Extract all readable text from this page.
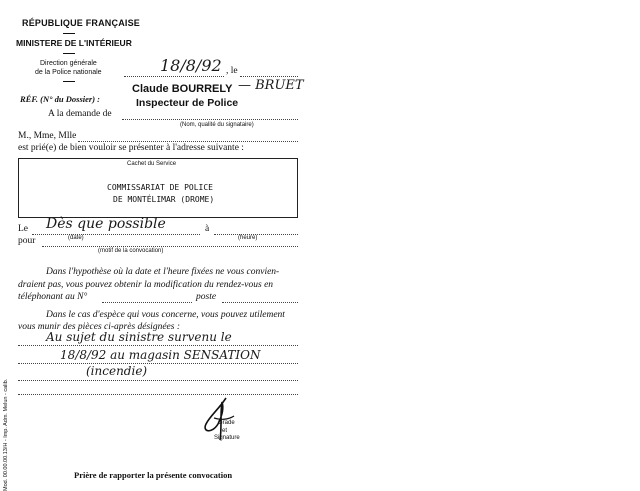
RÉPUBLIQUE FRANÇAISE
MINISTERE DE L'INTÉRIEUR
Direction générale
de la Police nationale	18/8/92 , le
RÉF. (N° du Dossier) :
Claude BOURRELY — BRUET
Inspecteur de Police
A la demande de
(Nom, qualité du signataire)
M., Mme, Mlle
est prié(e) de bien vouloir se présenter à l'adresse suivante :
Cachet du Service
COMMISSARIAT DE POLICE
DE MONTÉLIMAR (DROME)
Le Dès que possible
(date)
à
(heure)
pour
(motif de la convocation)
Dans l'hypothèse où la date et l'heure fixées ne vous convien-
draient pas, vous pouvez obtenir la modification du rendez-vous en
téléphonant au N°	poste
Dans le cas d'espèce qui vous concerne, vous pouvez utilement
vous munir des pièces ci-après désignées :
Au sujet du sinistre survenu le
18/8/92 au magasin SENSATION
(incendie)
Grade
et
Signature
Prière de rapporter la présente convocation
Mod. 00.00.00.13/H - Imp. Adm. Melun - calib.
